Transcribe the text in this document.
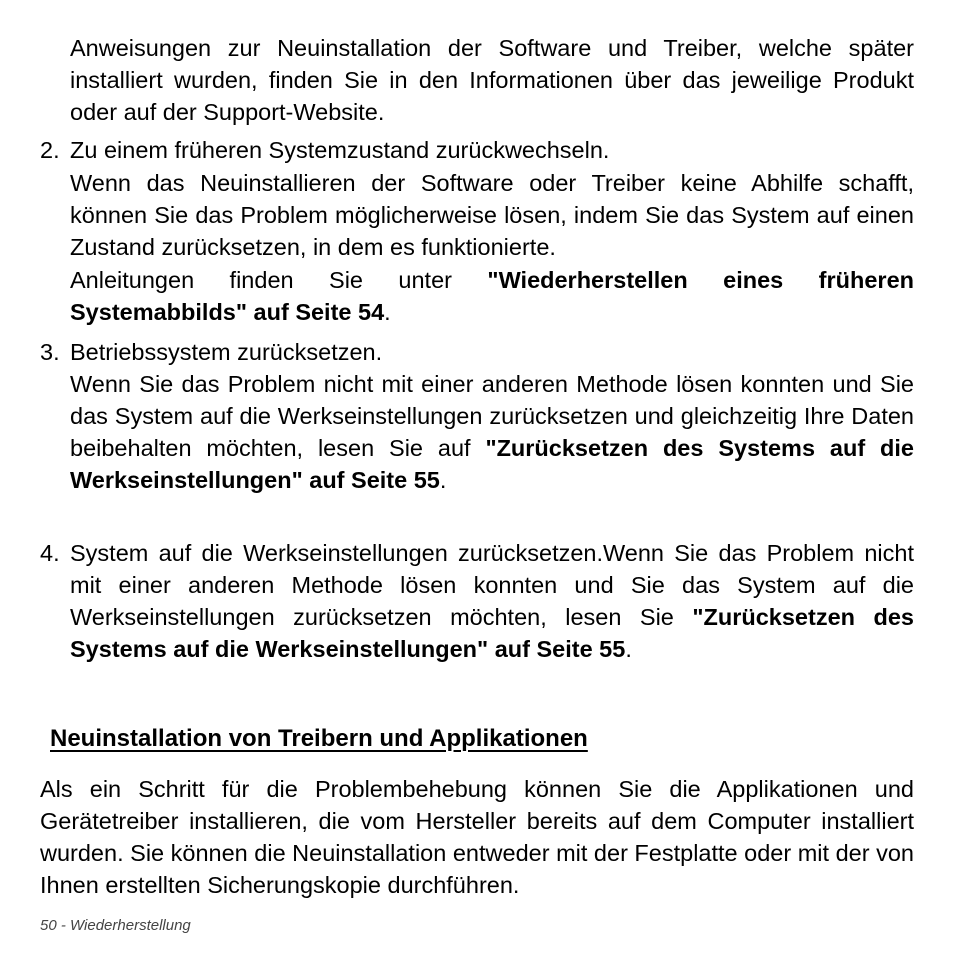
Anweisungen zur Neuinstallation der Software und Treiber, welche später installiert wurden, finden Sie in den Informationen über das jeweilige Produkt oder auf der Support-Website.
2. Zu einem früheren Systemzustand zurückwechseln.
Wenn das Neuinstallieren der Software oder Treiber keine Abhilfe schafft, können Sie das Problem möglicherweise lösen, indem Sie das System auf einen Zustand zurücksetzen, in dem es funktionierte.
Anleitungen finden Sie unter "Wiederherstellen eines früheren Systemabbilds" auf Seite 54.
3. Betriebssystem zurücksetzen.
Wenn Sie das Problem nicht mit einer anderen Methode lösen konnten und Sie das System auf die Werkseinstellungen zurücksetzen und gleichzeitig Ihre Daten beibehalten möchten, lesen Sie auf "Zurücksetzen des Systems auf die Werkseinstellungen" auf Seite 55.
4. System auf die Werkseinstellungen zurücksetzen.Wenn Sie das Problem nicht mit einer anderen Methode lösen konnten und Sie das System auf die Werkseinstellungen zurücksetzen möchten, lesen Sie "Zurücksetzen des Systems auf die Werkseinstellungen" auf Seite 55.
Neuinstallation von Treibern und Applikationen
Als ein Schritt für die Problembehebung können Sie die Applikationen und Gerätetreiber installieren, die vom Hersteller bereits auf dem Computer installiert wurden. Sie können die Neuinstallation entweder mit der Festplatte oder mit der von Ihnen erstellten Sicherungskopie durchführen.
50 - Wiederherstellung
